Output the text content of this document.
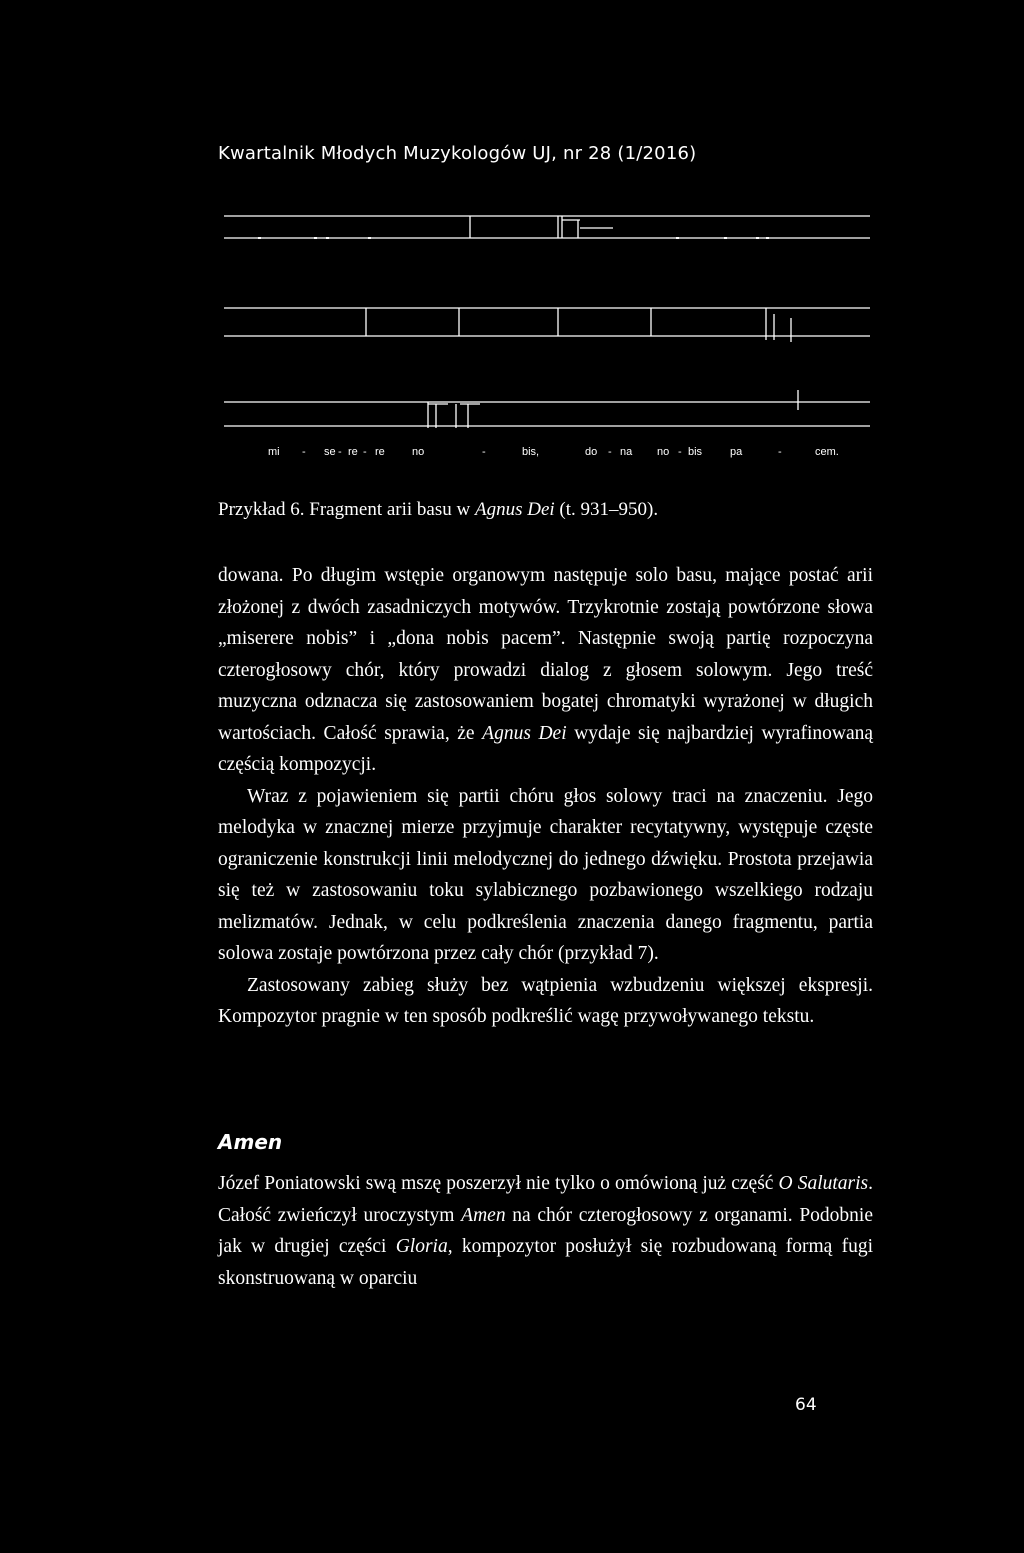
Kwartalnik Młodych Muzykologów UJ, nr 28 (1/2016)
mi - se - re - re no	-	bis,	do - na no - bis	pa	-	cem.

Przykład 6. Fragment arii basu w Agnus Dei (t. 931–950).

dowana. Po długim wstępie organowym następuje solo basu, mające postać arii złożonej z dwóch zasadniczych motywów. Trzykrotnie zostają powtórzone słowa „miserere nobis” i „dona nobis pacem”. Następnie swoją partię rozpoczyna czterogłosowy chór, który prowadzi dialog z głosem solowym. Jego treść muzyczna odznacza się zastosowaniem bogatej chromatyki wyrażonej w długich wartościach. Całość sprawia, że Agnus Dei wydaje się najbardziej wyrafinowaną częścią kompozycji.

Wraz z pojawieniem się partii chóru głos solowy traci na znaczeniu. Jego melodyka w znacznej mierze przyjmuje charakter recytatywny, występuje częste ograniczenie konstrukcji linii melodycznej do jednego dźwięku. Prostota przejawia się też w zastosowaniu toku sylabicznego pozbawionego wszelkiego rodzaju melizmatów. Jednak, w celu podkreślenia znaczenia danego fragmentu, partia solowa zostaje powtórzona przez cały chór (przykład 7).

Zastosowany zabieg służy bez wątpienia wzbudzeniu większej ekspresji. Kompozytor pragnie w ten sposób podkreślić wagę przywoływanego tekstu.

Amen

Józef Poniatowski swą mszę poszerzył nie tylko o omówioną już część O Salutaris. Całość zwieńczył uroczystym Amen na chór czterogłosowy z organami. Podobnie jak w drugiej części Gloria, kompozytor posłużył się rozbudowaną formą fugi skonstruowaną w oparciu

64
